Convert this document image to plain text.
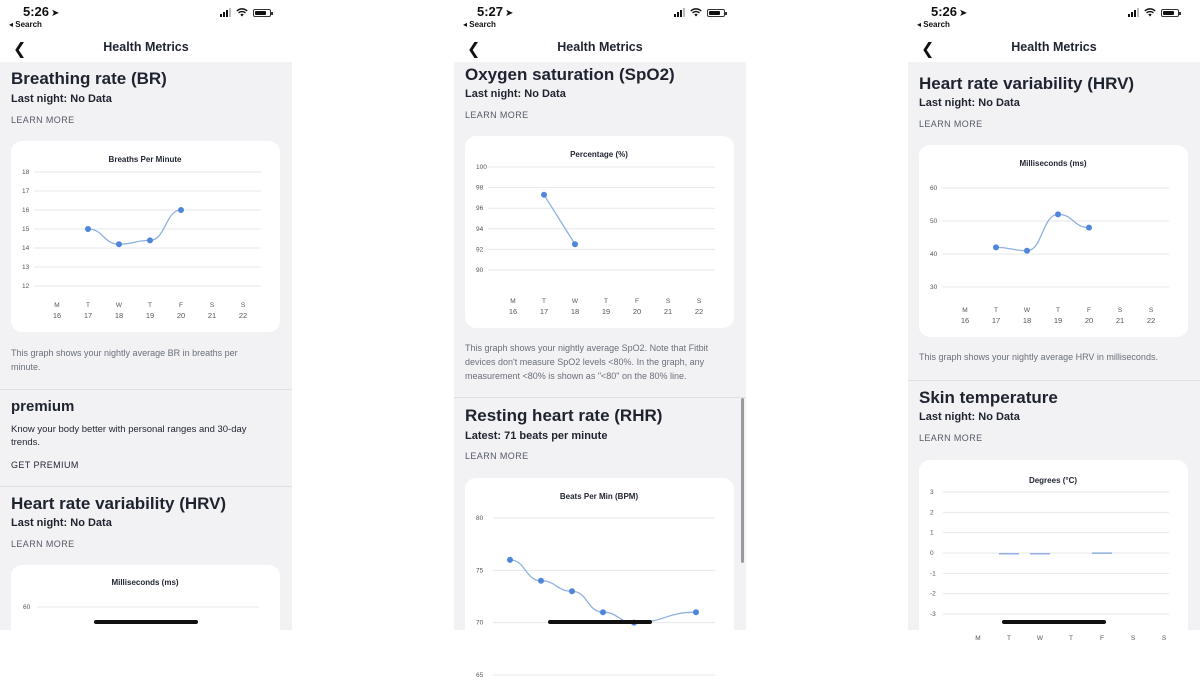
5:26 ➤
◂ Search
❮	Health Metrics
Breathing rate (BR)
Last night: No Data
LEARN MORE
Breaths Per Minute
18
17
16
15
14
13
12
M
16
T
17
W
18
T
19
F
20
S
21
S
22
This graph shows your nightly average BR in breaths per minute.
premium
Know your body better with personal ranges and 30-day trends.
GET PREMIUM
Heart rate variability (HRV)
Last night: No Data
LEARN MORE
Milliseconds (ms)
60
5:27 ➤
◂ Search
❮	Health Metrics
Oxygen saturation (SpO2)
Last night: No Data
LEARN MORE
Percentage (%)
100
98
96
94
92
90
M
16
T
17
W
18
T
19
F
20
S
21
S
22
This graph shows your nightly average SpO2. Note that Fitbit devices don't measure SpO2 levels <80%. In the graph, any measurement <80% is shown as "<80" on the 80% line.
Resting heart rate (RHR)
Latest: 71 beats per minute
LEARN MORE
Beats Per Min (BPM)
80
75
70
65
5:26 ➤
◂ Search
❮	Health Metrics
Heart rate variability (HRV)
Last night: No Data
LEARN MORE
Milliseconds (ms)
60
50
40
30
M
16
T
17
W
18
T
19
F
20
S
21
S
22
This graph shows your nightly average HRV in milliseconds.
Skin temperature
Last night: No Data
LEARN MORE
Degrees (°C)
3
2
1
0
-1
-2
-3
M	T	W	T	F	S	S
